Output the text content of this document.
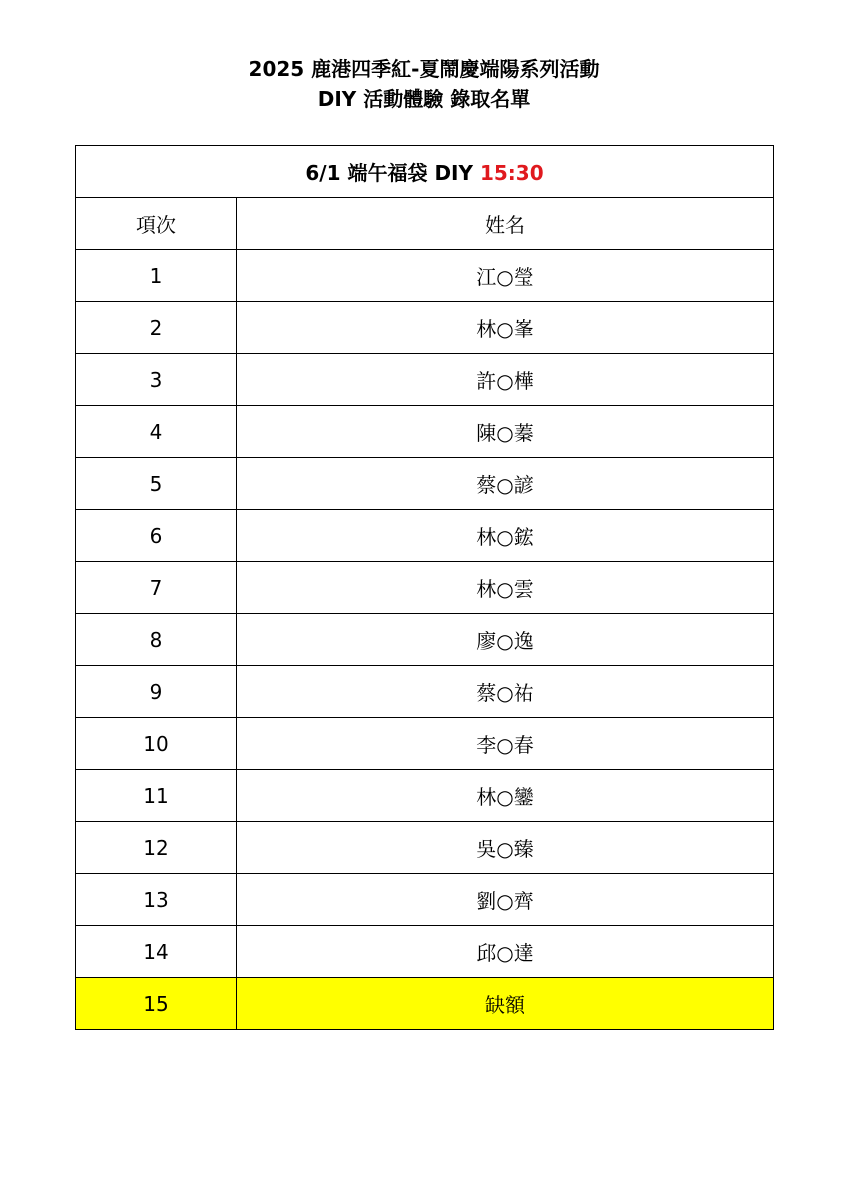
2025 鹿港四季紅-夏鬧慶端陽系列活動
DIY 活動體驗 錄取名單
6/1 端午福袋 DIY 15:30	
項次	姓名
1	江○瑩
2	林○峯
3	許○樺
4	陳○蓁
5	蔡○諺
6	林○鋐
7	林○雲
8	廖○逸
9	蔡○祐
10	李○春
11	林○鑾
12	吳○臻
13	劉○齊
14	邱○達
15	缺額
